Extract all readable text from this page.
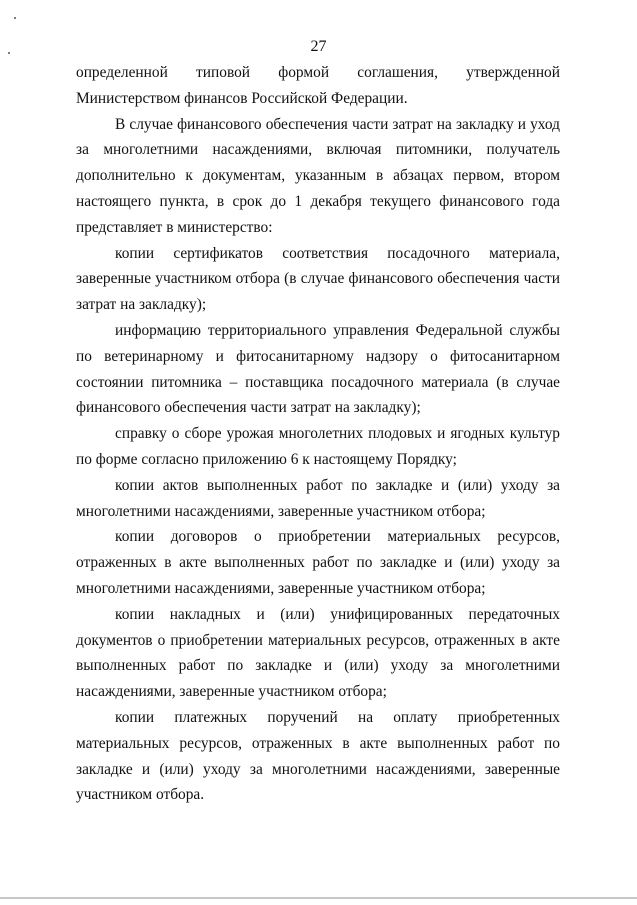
27

определенной типовой формой соглашения, утвержденной Министерством финансов Российской Федерации.

В случае финансового обеспечения части затрат на закладку и уход за многолетними насаждениями, включая питомники, получатель дополнительно к документам, указанным в абзацах первом, втором настоящего пункта, в срок до 1 декабря текущего финансового года представляет в министерство:

копии сертификатов соответствия посадочного материала, заверенные участником отбора (в случае финансового обеспечения части затрат на закладку);

информацию территориального управления Федеральной службы по ветеринарному и фитосанитарному надзору о фитосанитарном состоянии питомника – поставщика посадочного материала (в случае финансового обеспечения части затрат на закладку);

справку о сборе урожая многолетних плодовых и ягодных культур по форме согласно приложению 6 к настоящему Порядку;

копии актов выполненных работ по закладке и (или) уходу за многолетними насаждениями, заверенные участником отбора;

копии договоров о приобретении материальных ресурсов, отраженных в акте выполненных работ по закладке и (или) уходу за многолетними насаждениями, заверенные участником отбора;

копии накладных и (или) унифицированных передаточных документов о приобретении материальных ресурсов, отраженных в акте выполненных работ по закладке и (или) уходу за многолетними насаждениями, заверенные участником отбора;

копии платежных поручений на оплату приобретенных материальных ресурсов, отраженных в акте выполненных работ по закладке и (или) уходу за многолетними насаждениями, заверенные участником отбора.
